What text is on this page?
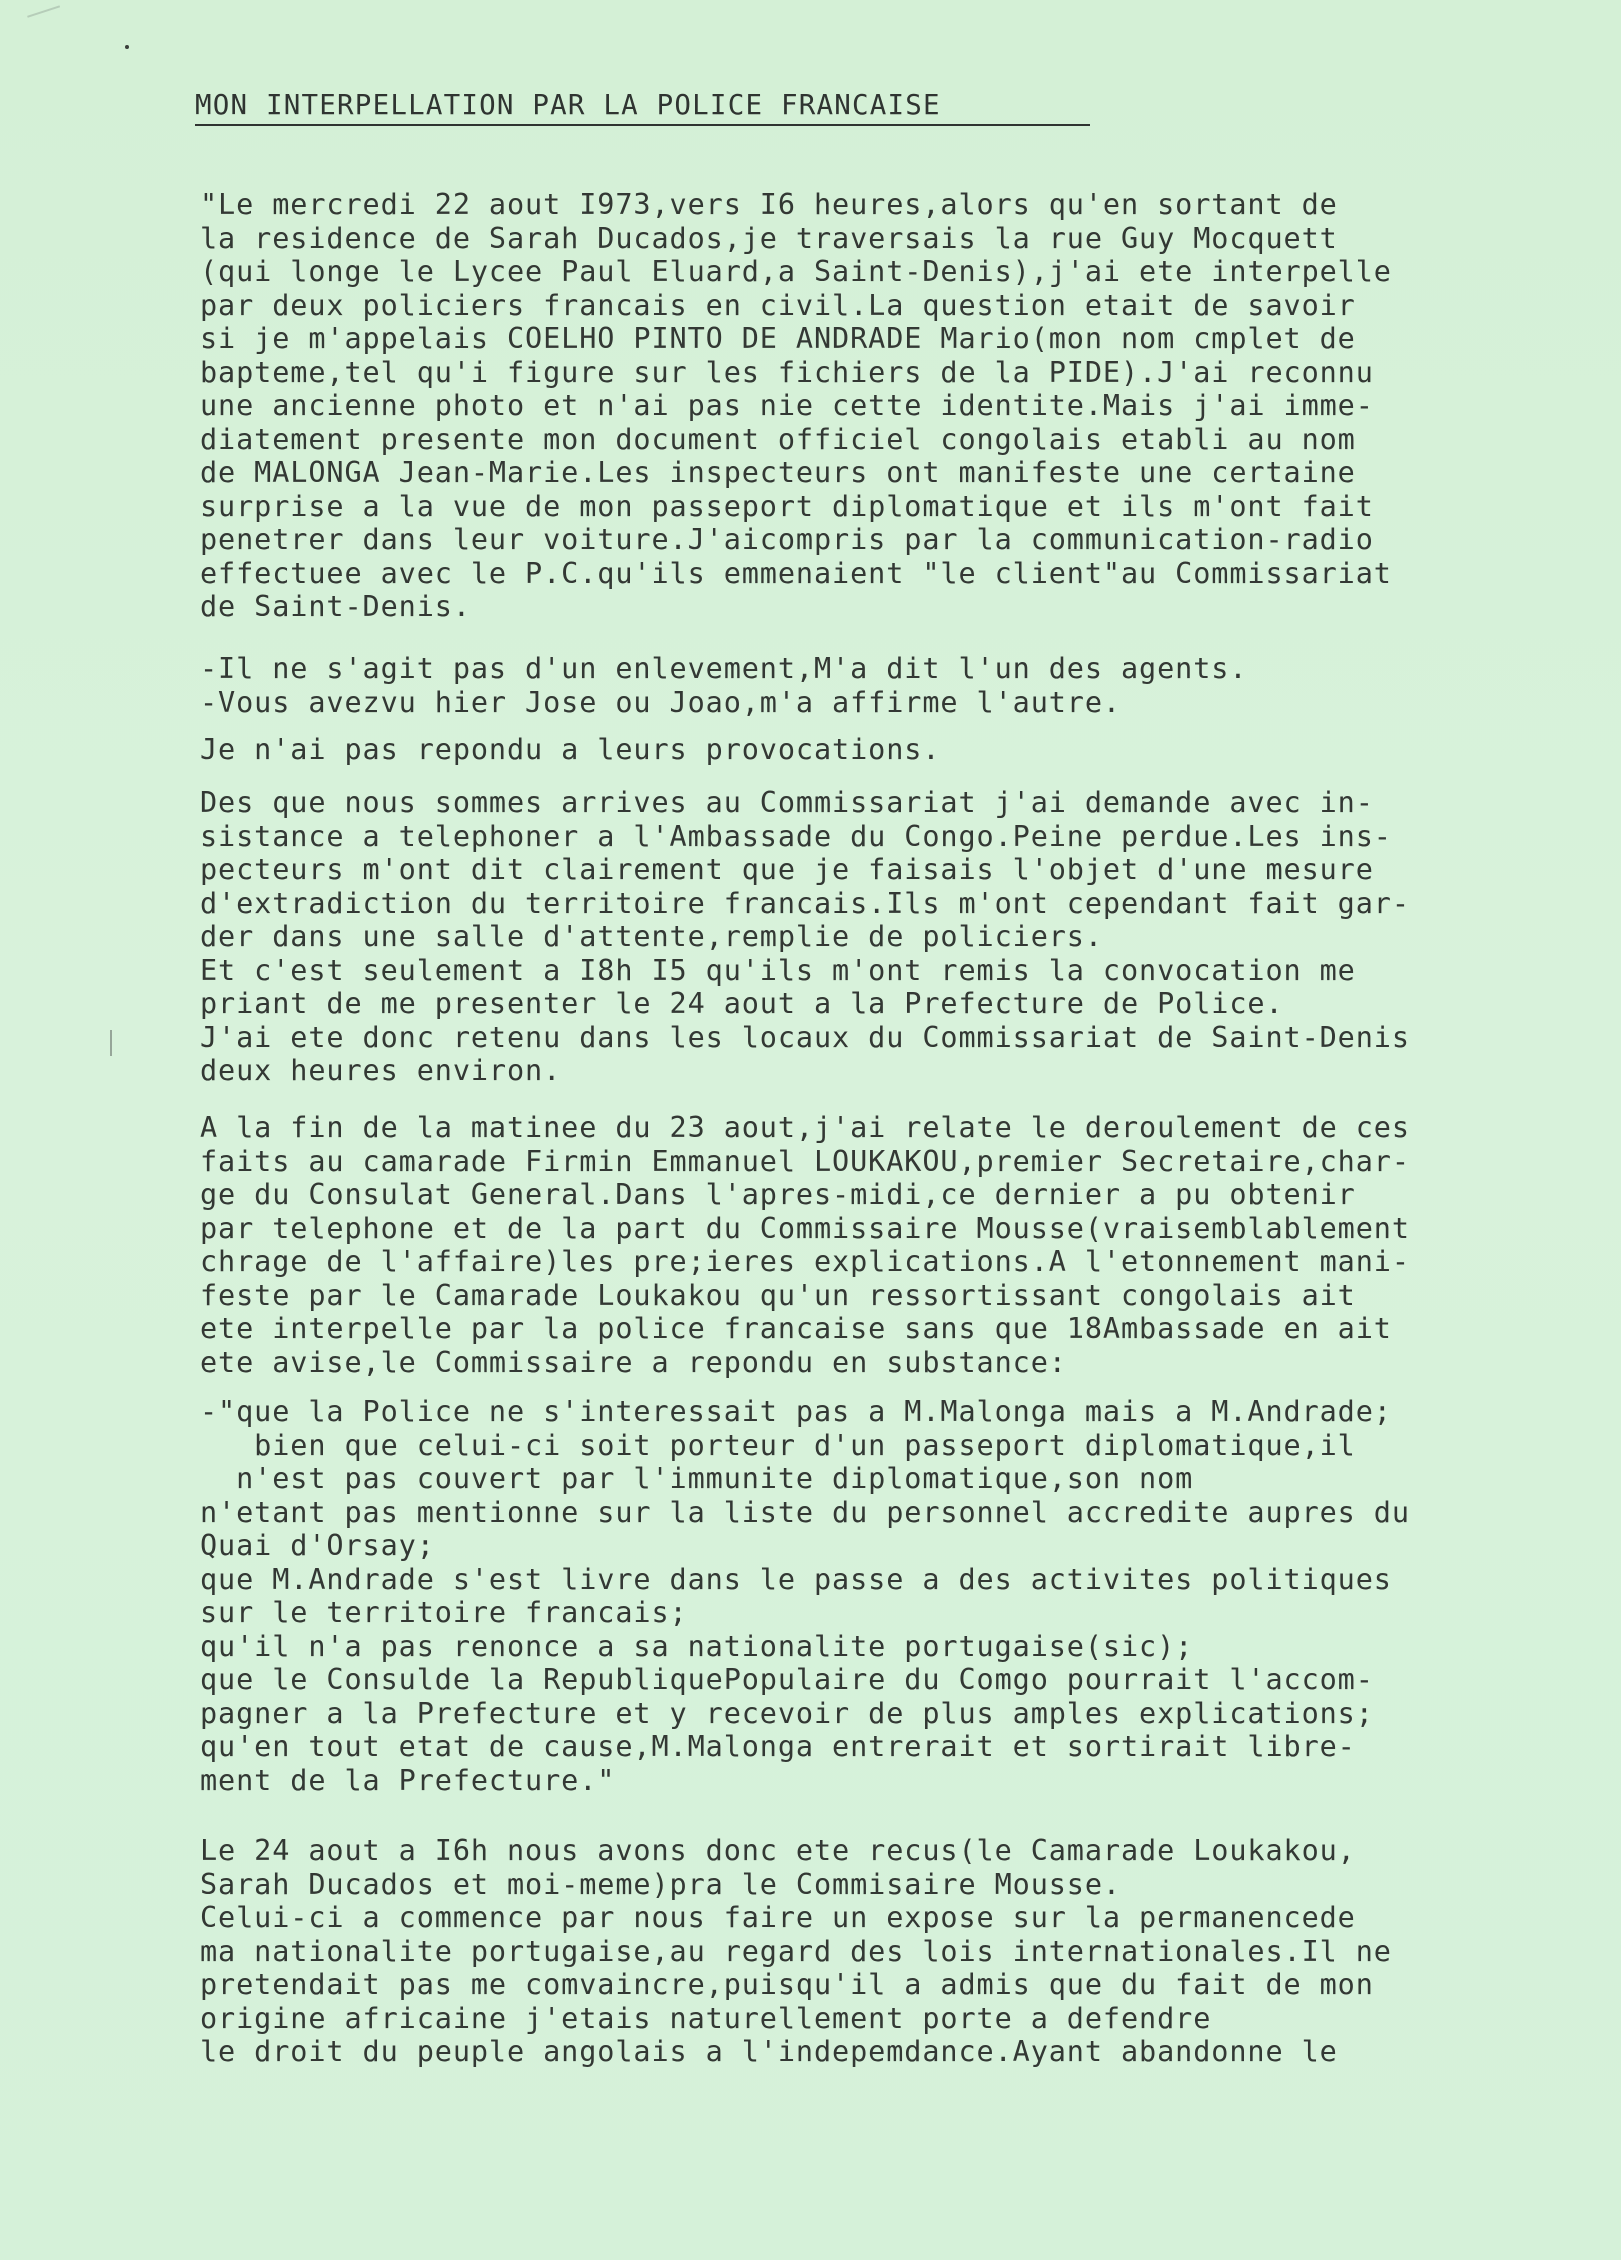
MON INTERPELLATION PAR LA POLICE FRANCAISE
"Le mercredi 22 aout I973,vers I6 heures,alors qu'en sortant de
la residence de Sarah Ducados,je traversais la rue Guy Mocquett
(qui longe le Lycee Paul Eluard,a Saint-Denis),j'ai ete interpelle
par deux policiers francais en civil.La question etait de savoir
si je m'appelais COELHO PINTO DE ANDRADE Mario(mon nom cmplet de
bapteme,tel qu'i figure sur les fichiers de la PIDE).J'ai reconnu
une ancienne photo et n'ai pas nie cette identite.Mais j'ai imme-
diatement presente mon document officiel congolais etabli au nom
de MALONGA Jean-Marie.Les inspecteurs ont manifeste une certaine
surprise a la vue de mon passeport diplomatique et ils m'ont fait
penetrer dans leur voiture.J'aicompris par la communication-radio
effectuee avec le P.C.qu'ils emmenaient "le client"au Commissariat
de Saint-Denis.
-Il ne s'agit pas d'un enlevement,M'a dit l'un des agents.
-Vous avezvu hier Jose ou Joao,m'a affirme l'autre.
Je n'ai pas repondu a leurs provocations.
Des que nous sommes arrives au Commissariat j'ai demande avec in-
sistance a telephoner a l'Ambassade du Congo.Peine perdue.Les ins-
pecteurs m'ont dit clairement que je faisais l'objet d'une mesure
d'extradiction du territoire francais.Ils m'ont cependant fait gar-
der dans une salle d'attente,remplie de policiers.
Et c'est seulement a I8h I5 qu'ils m'ont remis la convocation me
priant de me presenter le 24 aout a la Prefecture de Police.
J'ai ete donc retenu dans les locaux du Commissariat de Saint-Denis
deux heures environ.
A la fin de la matinee du 23 aout,j'ai relate le deroulement de ces
faits au camarade Firmin Emmanuel LOUKAKOU,premier Secretaire,char-
ge du Consulat General.Dans l'apres-midi,ce dernier a pu obtenir
par telephone et de la part du Commissaire Mousse(vraisemblablement
chrage de l'affaire)les pre;ieres explications.A l'etonnement mani-
feste par le Camarade Loukakou qu'un ressortissant congolais ait
ete interpelle par la police francaise sans que 18Ambassade en ait
ete avise,le Commissaire a repondu en substance:
-"que la Police ne s'interessait pas a M.Malonga mais a M.Andrade;
bien que celui-ci soit porteur d'un passeport diplomatique,il
n'est pas couvert par l'immunite diplomatique,son nom
n'etant pas mentionne sur la liste du personnel accredite aupres du
Quai d'Orsay;
que M.Andrade s'est livre dans le passe a des activites politiques
sur le territoire francais;
qu'il n'a pas renonce a sa nationalite portugaise(sic);
que le Consulde la RepubliquePopulaire du Comgo pourrait l'accom-
pagner a la Prefecture et y recevoir de plus amples explications;
qu'en tout etat de cause,M.Malonga entrerait et sortirait libre-
ment de la Prefecture."
Le 24 aout a I6h nous avons donc ete recus(le Camarade Loukakou,
Sarah Ducados et moi-meme)pra le Commisaire Mousse.
Celui-ci a commence par nous faire un expose sur la permanencede
ma nationalite portugaise,au regard des lois internationales.Il ne
pretendait pas me comvaincre,puisqu'il a admis que du fait de mon
origine africaine j'etais naturellement porte a defendre
le droit du peuple angolais a l'indepemdance.Ayant abandonne le
